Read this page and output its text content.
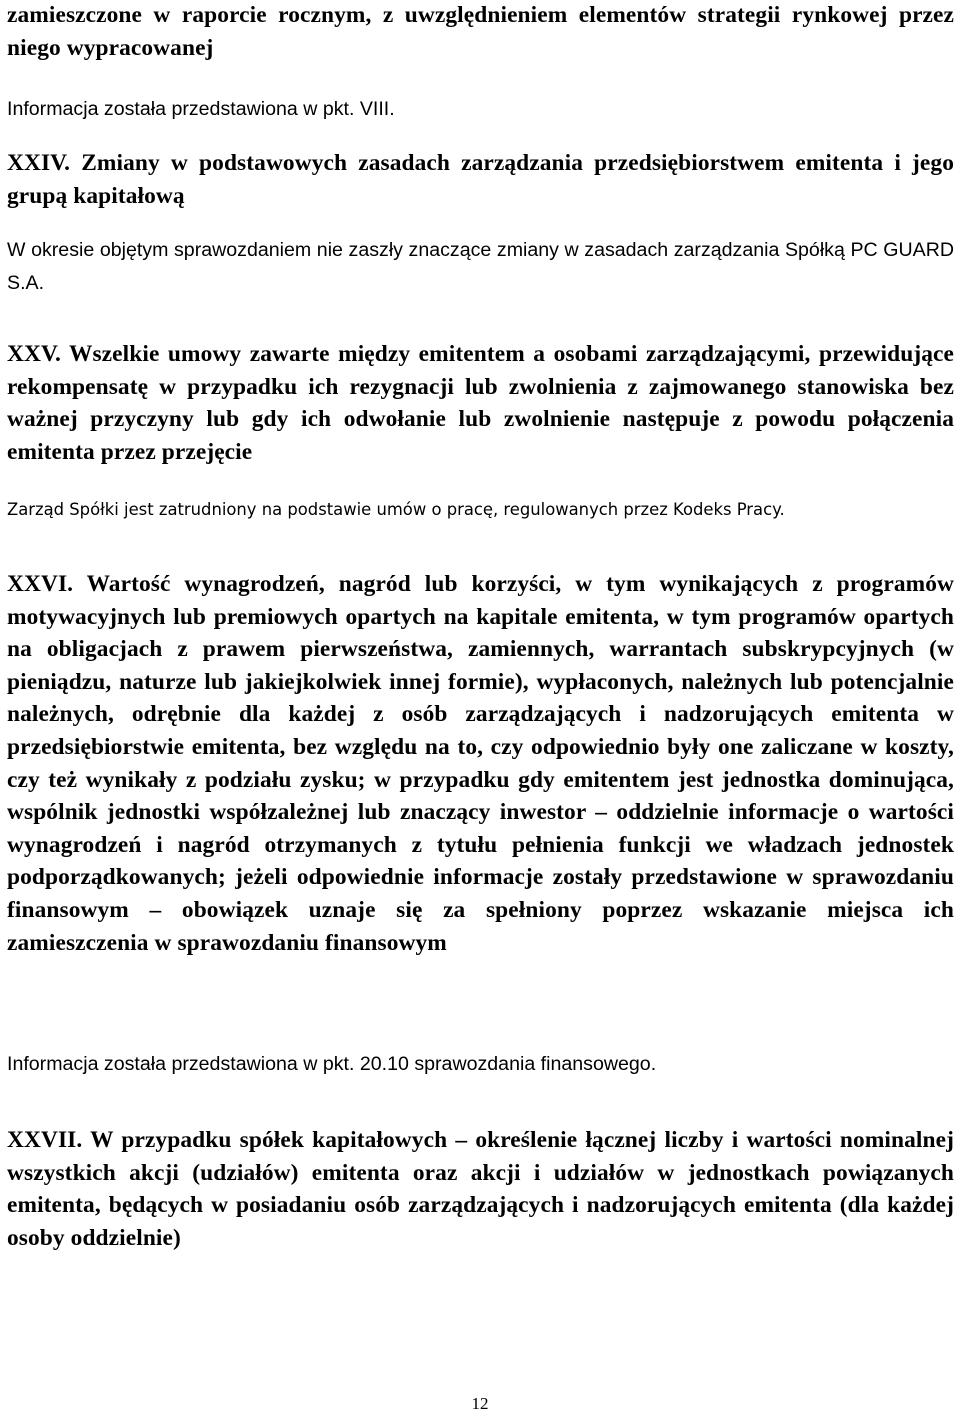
zamieszczone w raporcie rocznym, z uwzględnieniem elementów strategii rynkowej przez niego wypracowanej

Informacja została przedstawiona w pkt. VIII.

XXIV. Zmiany w podstawowych zasadach zarządzania przedsiębiorstwem emitenta i jego grupą kapitałową

W okresie objętym sprawozdaniem nie zaszły znaczące zmiany w zasadach zarządzania Spółką PC GUARD S.A.

XXV. Wszelkie umowy zawarte między emitentem a osobami zarządzającymi, przewidujące rekompensatę w przypadku ich rezygnacji lub zwolnienia z zajmowanego stanowiska bez ważnej przyczyny lub gdy ich odwołanie lub zwolnienie następuje z powodu połączenia emitenta przez przejęcie

Zarząd Spółki jest zatrudniony na podstawie umów o pracę, regulowanych przez Kodeks Pracy.

XXVI. Wartość wynagrodzeń, nagród lub korzyści, w tym wynikających z programów motywacyjnych lub premiowych opartych na kapitale emitenta, w tym programów opartych na obligacjach z prawem pierwszeństwa, zamiennych, warrantach subskrypcyjnych (w pieniądzu, naturze lub jakiejkolwiek innej formie), wypłaconych, należnych lub potencjalnie należnych, odrębnie dla każdej z osób zarządzających i nadzorujących emitenta w przedsiębiorstwie emitenta, bez względu na to, czy odpowiednio były one zaliczane w koszty, czy też wynikały z podziału zysku; w przypadku gdy emitentem jest jednostka dominująca, wspólnik jednostki współzależnej lub znaczący inwestor – oddzielnie informacje o wartości wynagrodzeń i nagród otrzymanych z tytułu pełnienia funkcji we władzach jednostek podporządkowanych; jeżeli odpowiednie informacje zostały przedstawione w sprawozdaniu finansowym – obowiązek uznaje się za spełniony poprzez wskazanie miejsca ich zamieszczenia w sprawozdaniu finansowym

Informacja została przedstawiona w pkt. 20.10 sprawozdania finansowego.

XXVII. W przypadku spółek kapitałowych – określenie łącznej liczby i wartości nominalnej wszystkich akcji (udziałów) emitenta oraz akcji i udziałów w jednostkach powiązanych emitenta, będących w posiadaniu osób zarządzających i nadzorujących emitenta (dla każdej osoby oddzielnie)

12
